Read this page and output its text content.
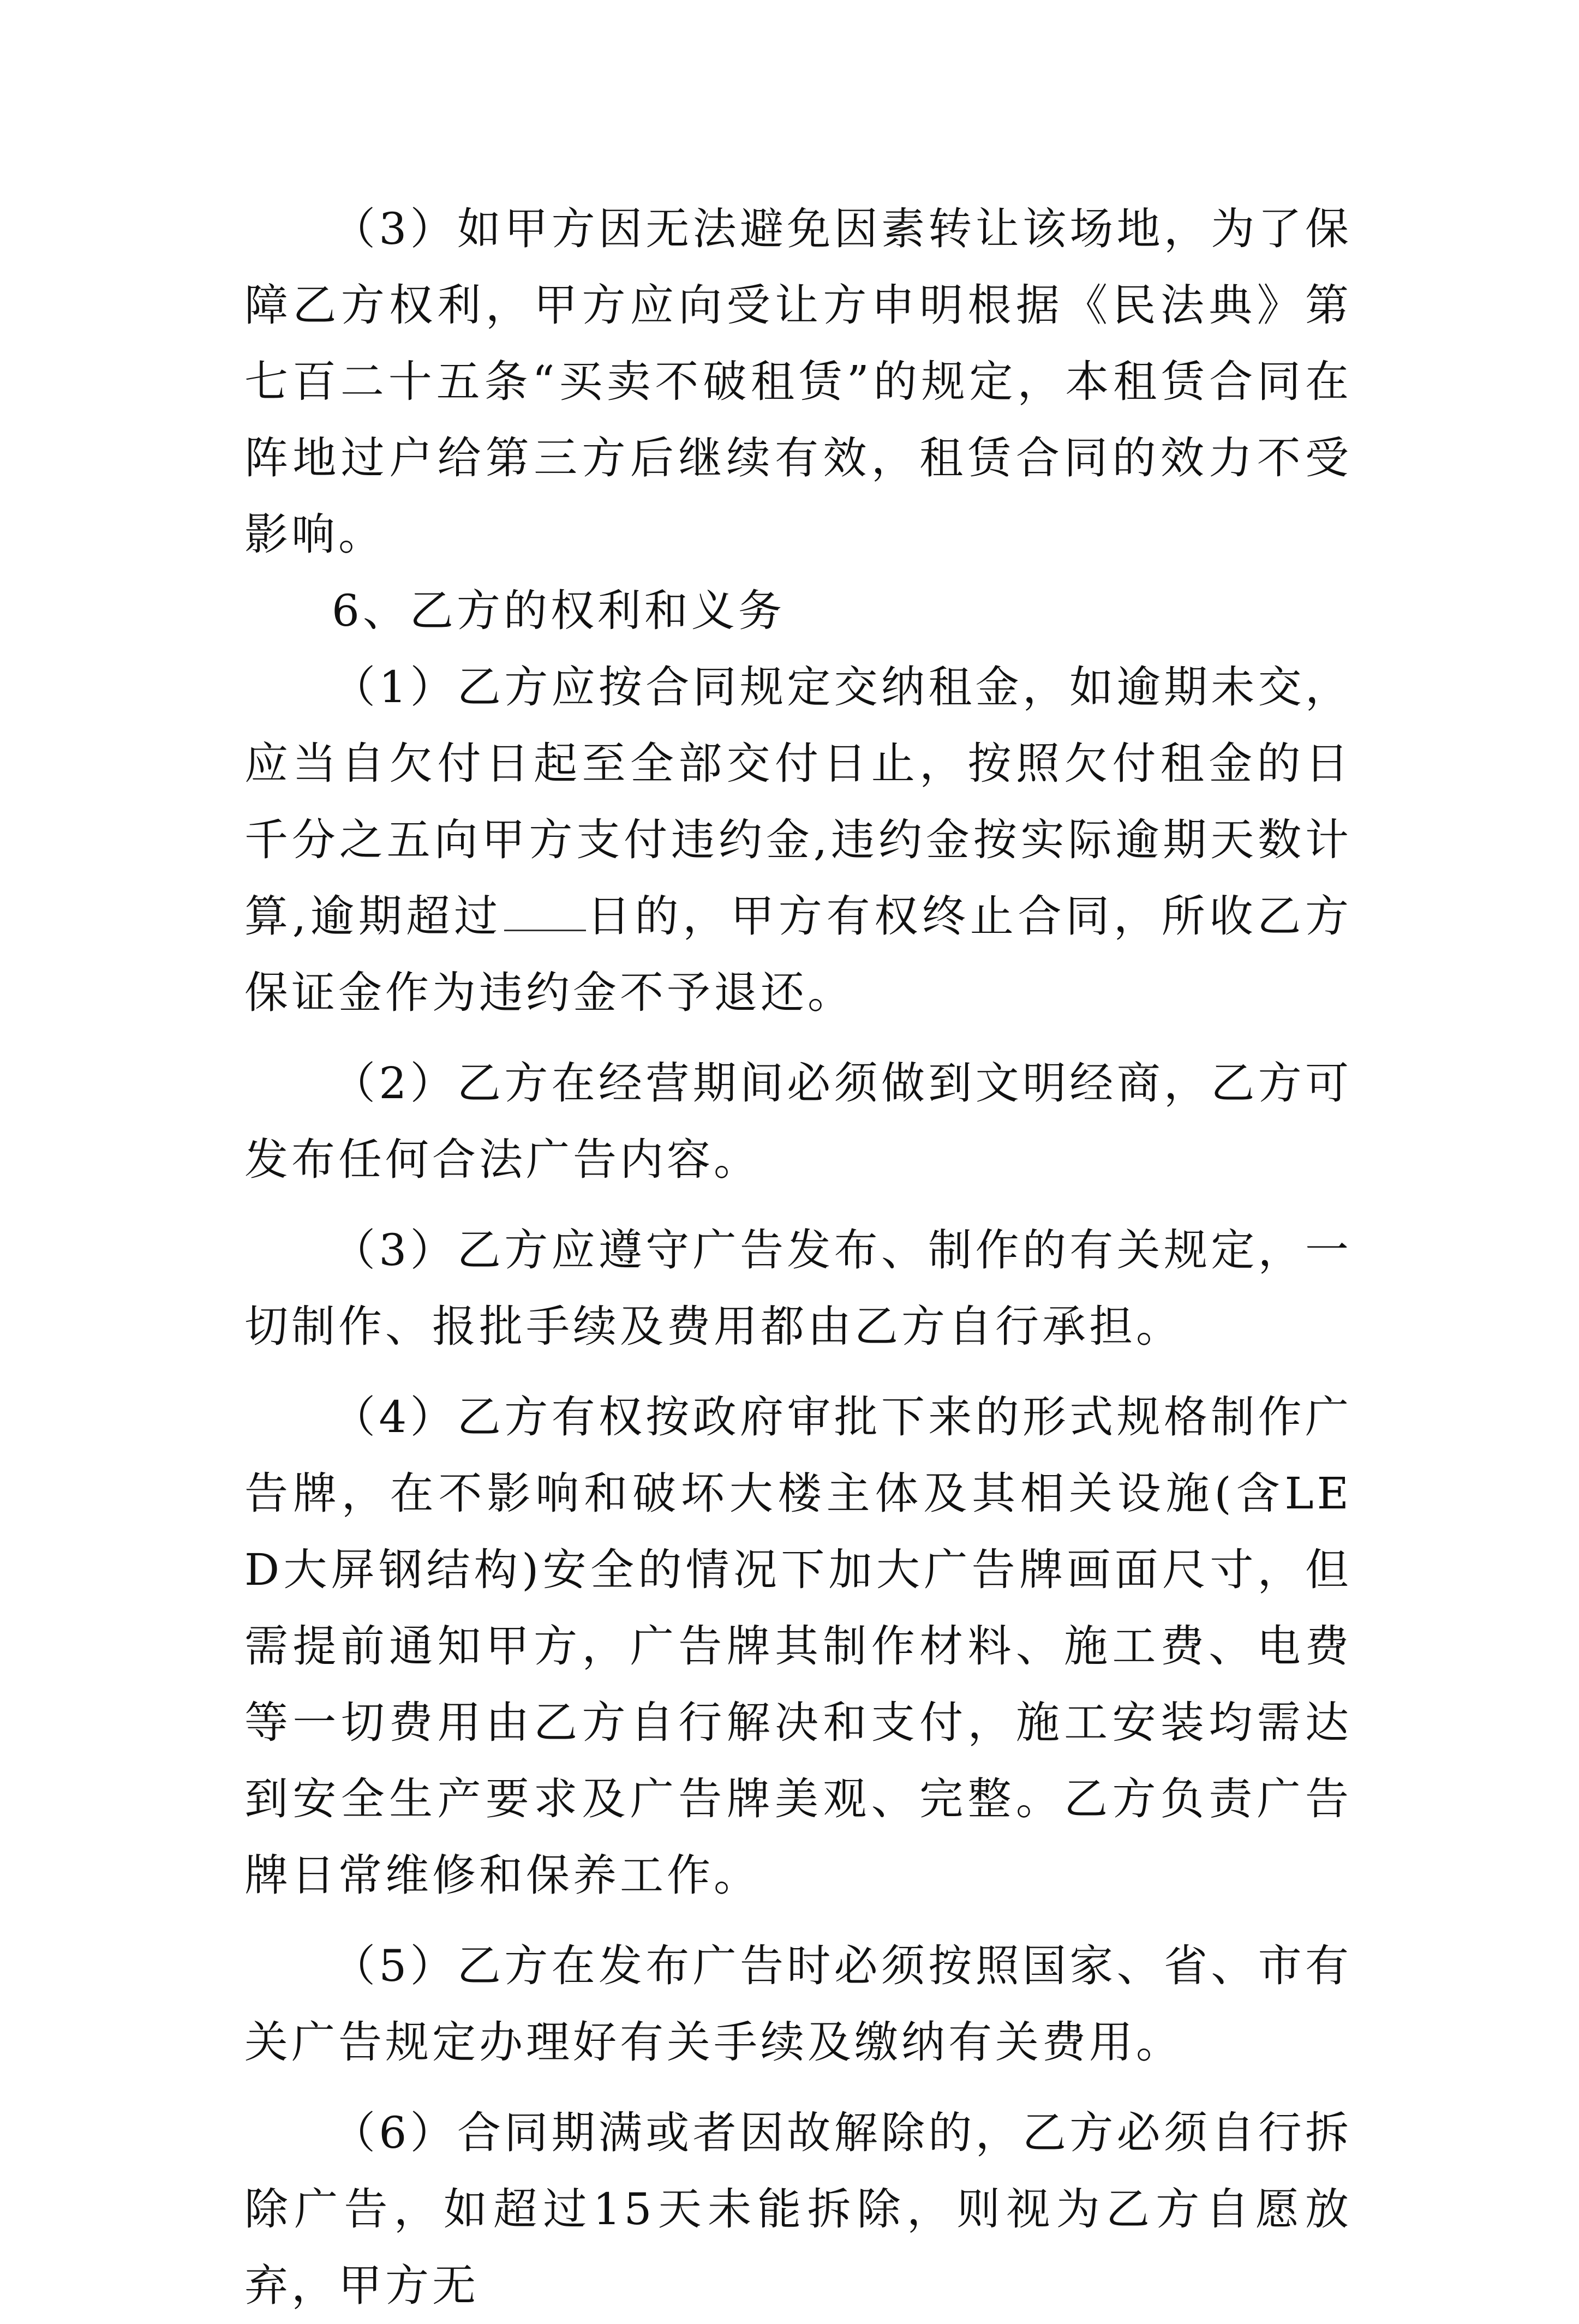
（3）如甲方因无法避免因素转让该场地，为了保障乙方权利，甲方应向受让方申明根据《民法典》第七百二十五条“买卖不破租赁”的规定，本租赁合同在阵地过户给第三方后继续有效，租赁合同的效力不受影响。

6、乙方的权利和义务

（1）乙方应按合同规定交纳租金，如逾期未交，应当自欠付日起至全部交付日止，按照欠付租金的日千分之五向甲方支付违约金,违约金按实际逾期天数计算,逾期超过 日的，甲方有权终止合同，所收乙方保证金作为违约金不予退还。

（2）乙方在经营期间必须做到文明经商，乙方可发布任何合法广告内容。

（3）乙方应遵守广告发布、制作的有关规定，一切制作、报批手续及费用都由乙方自行承担。

（4）乙方有权按政府审批下来的形式规格制作广告牌，在不影响和破坏大楼主体及其相关设施(含LED大屏钢结构)安全的情况下加大广告牌画面尺寸，但需提前通知甲方，广告牌其制作材料、施工费、电费等一切费用由乙方自行解决和支付，施工安装均需达到安全生产要求及广告牌美观、完整。乙方负责广告牌日常维修和保养工作。

（5）乙方在发布广告时必须按照国家、省、市有关广告规定办理好有关手续及缴纳有关费用。

（6）合同期满或者因故解除的，乙方必须自行拆除广告，如超过15天未能拆除，则视为乙方自愿放弃，甲方无
